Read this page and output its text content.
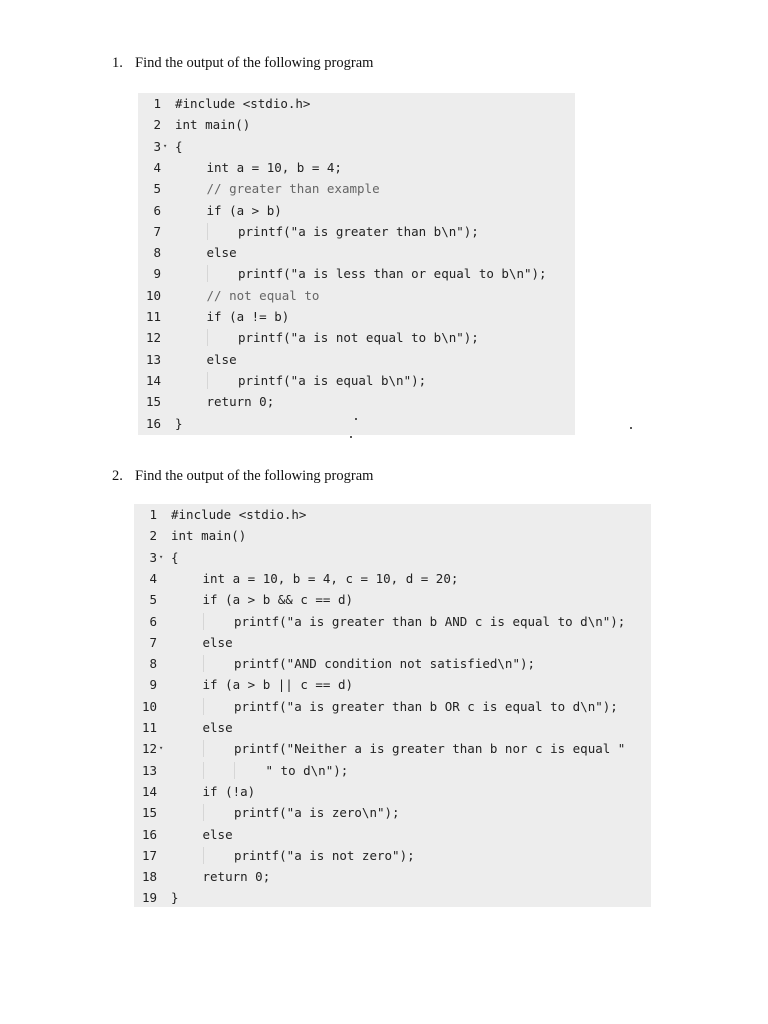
1. Find the output of the following program
1 #include <stdio.h>
2 int main()
3 ▾ {
4	int a = 10, b = 4;
5	// greater than example
6	if (a > b)
7	printf("a is greater than b\n");
8	else
9	printf("a is less than or equal to b\n");
10	// not equal to
11	if (a != b)
12	printf("a is not equal to b\n");
13	else
14	printf("a is equal b\n");
15	return 0;
16 }
2. Find the output of the following program
1 #include <stdio.h>
2 int main()
3 ▾ {
4	int a = 10, b = 4, c = 10, d = 20;
5	if (a > b && c == d)
6	printf("a is greater than b AND c is equal to d\n");
7	else
8	printf("AND condition not satisfied\n");
9	if (a > b || c == d)
10	printf("a is greater than b OR c is equal to d\n");
11	else
12 ▾	printf("Neither a is greater than b nor c is equal "
13	" to d\n");
14	if (!a)
15	printf("a is zero\n");
16	else
17	printf("a is not zero");
18	return 0;
19 }
